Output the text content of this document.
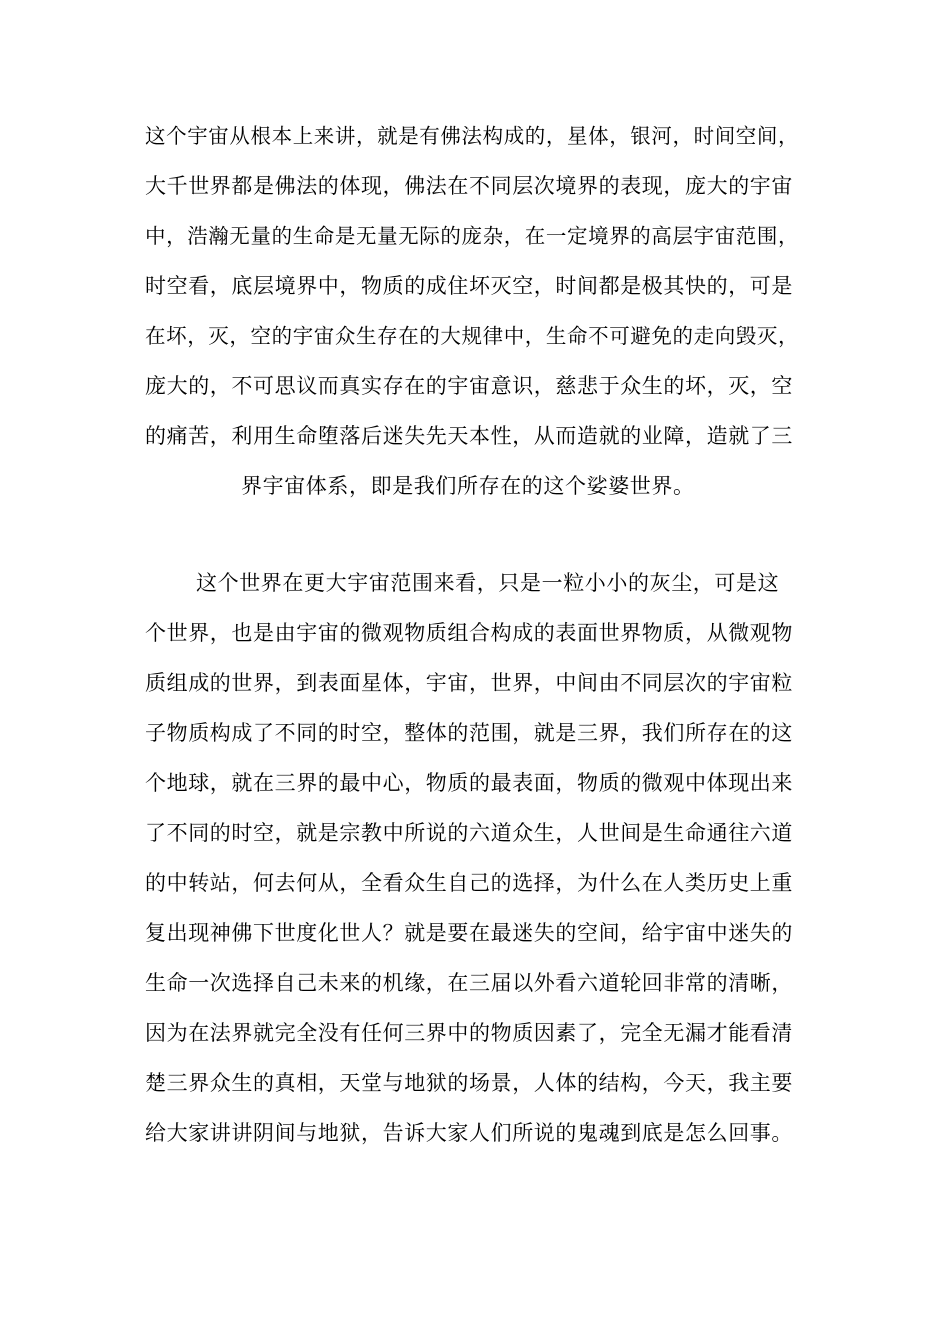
这个宇宙从根本上来讲，就是有佛法构成的，星体，银河，时间空间，
大千世界都是佛法的体现，佛法在不同层次境界的表现，庞大的宇宙
中，浩瀚无量的生命是无量无际的庞杂，在一定境界的高层宇宙范围，
时空看，底层境界中，物质的成住坏灭空，时间都是极其快的，可是
在坏，灭，空的宇宙众生存在的大规律中，生命不可避免的走向毁灭，
庞大的，不可思议而真实存在的宇宙意识，慈悲于众生的坏，灭，空
的痛苦，利用生命堕落后迷失先天本性，从而造就的业障，造就了三
界宇宙体系，即是我们所存在的这个娑婆世界。
这个世界在更大宇宙范围来看，只是一粒小小的灰尘，可是这
个世界，也是由宇宙的微观物质组合构成的表面世界物质，从微观物
质组成的世界，到表面星体，宇宙，世界，中间由不同层次的宇宙粒
子物质构成了不同的时空，整体的范围，就是三界，我们所存在的这
个地球，就在三界的最中心，物质的最表面，物质的微观中体现出来
了不同的时空，就是宗教中所说的六道众生，人世间是生命通往六道
的中转站，何去何从，全看众生自己的选择，为什么在人类历史上重
复出现神佛下世度化世人？就是要在最迷失的空间，给宇宙中迷失的
生命一次选择自己未来的机缘，在三届以外看六道轮回非常的清晰，
因为在法界就完全没有任何三界中的物质因素了，完全无漏才能看清
楚三界众生的真相，天堂与地狱的场景，人体的结构，今天，我主要
给大家讲讲阴间与地狱，告诉大家人们所说的鬼魂到底是怎么回事。
